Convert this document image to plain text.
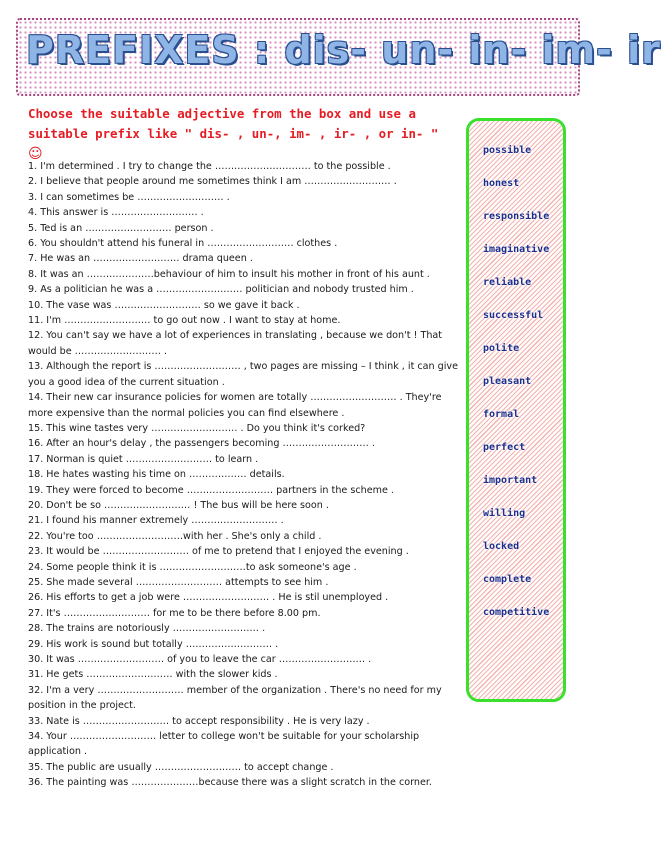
PREFIXES : dis- un- in- im- ir
Choose the suitable adjective from the box and use a suitable prefix like " dis- , un-, im- , ir- , or in- " ☺
1. I'm determined . I try to change the ………………………… to the possible .
2. I believe that people around me sometimes think I am ……………………… .
3. I can sometimes be ……………………… .
4. This answer is ……………………… .
5. Ted is an ……………………… person .
6. You shouldn't attend his funeral in ……………………… clothes .
7. He was an ……………………… drama queen .
8. It was an …………………behaviour of him to insult his mother in front of his aunt .
9. As a politician he was a ……………………… politician and nobody trusted him .
10. The vase was ……………………… so we gave it back .
11. I'm ……………………… to go out now . I want to stay at home.
12. You can't say we have a lot of experiences in translating , because we don't ! That would be ……………………… .
13. Although the report is ……………………… , two pages are missing – I think , it can give you a good idea of the current situation .
14. Their new car insurance policies for women are totally ……………………… . They're more expensive than the normal policies you can find elsewhere .
15. This wine tastes very ……………………… . Do you think it's corked?
16. After an hour's delay , the passengers becoming ……………………… .
17. Norman is quiet ……………………… to learn .
18. He hates wasting his time on ……………… details.
19. They were forced to become ……………………… partners in the scheme .
20. Don't be so ……………………… ! The bus will be here soon .
21. I found his manner extremely ……………………… .
22. You're too ………………………with her . She's only a child .
23. It would be ……………………… of me to pretend that I enjoyed the evening .
24. Some people think it is ………………………to ask someone's age .
25. She made several ……………………… attempts to see him .
26. His efforts to get a job were ……………………… . He is stil unemployed .
27. It's ……………………… for me to be there before 8.00 pm.
28. The trains are notoriously ……………………… .
29. His work is sound but totally ……………………… .
30. It was ……………………… of you to leave the car ……………………… .
31. He gets ……………………… with the slower kids .
32. I'm a very ……………………… member of the organization . There's no need for my position in the project.
33. Nate is ……………………… to accept responsibility . He is very lazy .
34. Your ……………………… letter to college won't be suitable for your scholarship application .
35. The public are usually ……………………… to accept change .
36. The painting was …………………because there was a slight scratch in the corner.
possible
honest
responsible
imaginative
reliable
successful
polite
pleasant
formal
perfect
important
willing
locked
complete
competitive
